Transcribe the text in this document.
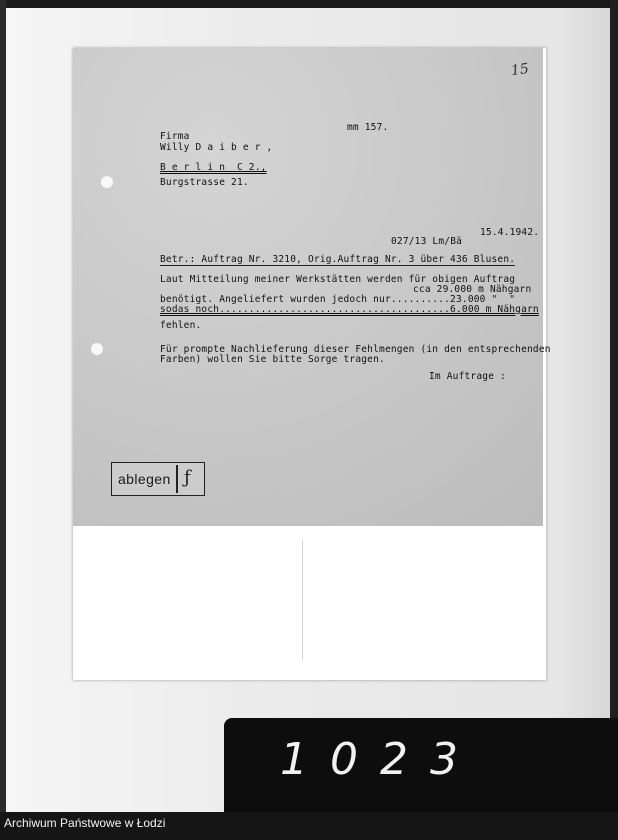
15
mm 157.
Firma
Willy D a i b e r ,
B e r l i n  C 2.,
Burgstrasse 21.
15.4.1942.
027/13 Lm/Bä
Betr.: Auftrag Nr. 3210, Orig.Auftrag Nr. 3 über 436 Blusen.
Laut Mitteilung meiner Werkstätten werden für obigen Auftrag
cca 29.000 m Nähgarn
benötigt. Angeliefert wurden jedoch nur..........23.000 "  "
sodas noch.......................................6.000 m Nähgarn
fehlen.
Für prompte Nachlieferung dieser Fehlmengen (in den entsprechenden
Farben) wollen Sie bitte Sorge tragen.
Im Auftrage :
ablegen ƒ
1023
Archiwum Państwowe w Łodzi
